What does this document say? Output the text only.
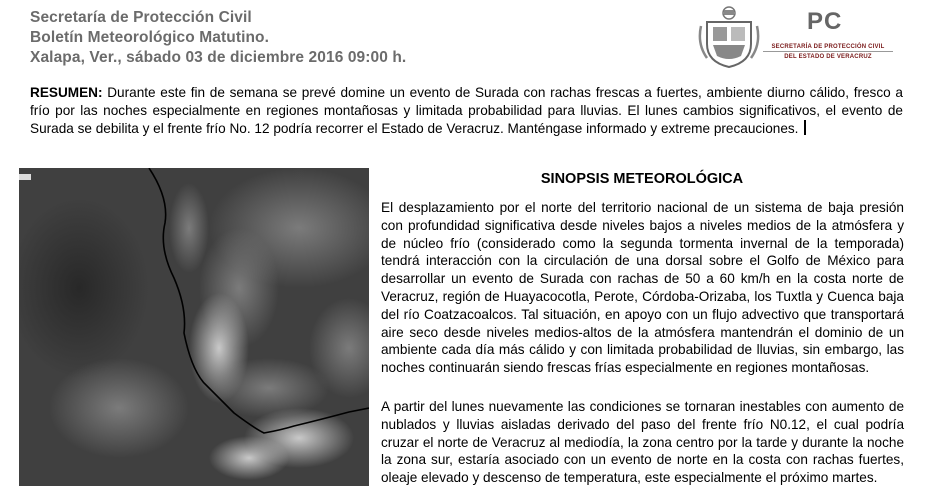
Secretaría de Protección Civil
Boletín Meteorológico Matutino.
Xalapa, Ver., sábado 03 de diciembre 2016 09:00 h.
PC
SECRETARÍA DE PROTECCIÓN CIVIL
DEL ESTADO DE VERACRUZ
RESUMEN: Durante este fin de semana se prevé domine un evento de Surada con rachas frescas a fuertes, ambiente diurno cálido, fresco a frío por las noches especialmente en regiones montañosas y limitada probabilidad para lluvias. El lunes cambios significativos, el evento de Surada se debilita y el frente frío No. 12 podría recorrer el Estado de Veracruz. Manténgase informado y extreme precauciones.
SINOPSIS METEOROLÓGICA
El desplazamiento por el norte del territorio nacional de un sistema de baja presión con profundidad significativa desde niveles bajos a niveles medios de la atmósfera y de núcleo frío (considerado como la segunda tormenta invernal de la temporada) tendrá interacción con la circulación de una dorsal sobre el Golfo de México para desarrollar un evento de Surada con rachas de 50 a 60 km/h en la costa norte de Veracruz, región de Huayacocotla, Perote, Córdoba-Orizaba, los Tuxtla y Cuenca baja del río Coatzacoalcos. Tal situación, en apoyo con un flujo advectivo que transportará aire seco desde niveles medios-altos de la atmósfera mantendrán el dominio de un ambiente cada día más cálido y con limitada probabilidad de lluvias, sin embargo, las noches continuarán siendo frescas frías especialmente en regiones montañosas.
A partir del lunes nuevamente las condiciones se tornaran inestables con aumento de nublados y lluvias aisladas derivado del paso del frente frío N0.12, el cual podría cruzar el norte de Veracruz al mediodía, la zona centro por la tarde y durante la noche la zona sur, estaría asociado con un evento de norte en la costa con rachas fuertes, oleaje elevado y descenso de temperatura, este especialmente el próximo martes.
